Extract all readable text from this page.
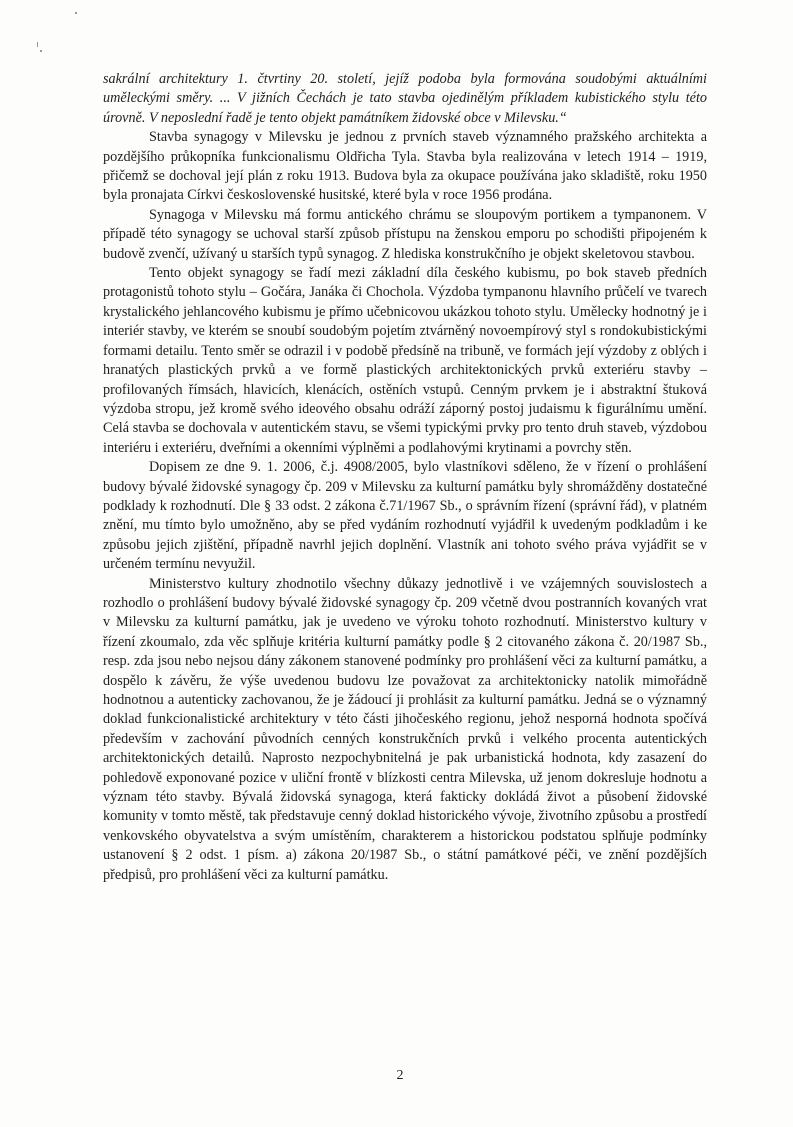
sakrální architektury 1. čtvrtiny 20. století, jejíž podoba byla formována soudobými aktuálními uměleckými směry. ... V jižních Čechách je tato stavba ojedinělým příkladem kubistického stylu této úrovně. V neposlední řadě je tento objekt památníkem židovské obce v Milevsku.“

Stavba synagogy v Milevsku je jednou z prvních staveb významného pražského architekta a pozdějšího průkopníka funkcionalismu Oldřicha Tyla. Stavba byla realizována v letech 1914 – 1919, přičemž se dochoval její plán z roku 1913. Budova byla za okupace používána jako skladiště, roku 1950 byla pronajata Církvi československé husitské, které byla v roce 1956 prodána.

Synagoga v Milevsku má formu antického chrámu se sloupovým portikem a tympanonem. V případě této synagogy se uchoval starší způsob přístupu na ženskou emporu po schodišti připojeném k budově zvenčí, užívaný u starších typů synagog. Z hlediska konstrukčního je objekt skeletovou stavbou.

Tento objekt synagogy se řadí mezi základní díla českého kubismu, po bok staveb předních protagonistů tohoto stylu – Gočára, Janáka či Chochola. Výzdoba tympanonu hlavního průčelí ve tvarech krystalického jehlancového kubismu je přímo učebnicovou ukázkou tohoto stylu. Umělecky hodnotný je i interiér stavby, ve kterém se snoubí soudobým pojetím ztvárněný novoempírový styl s rondokubistickými formami detailu. Tento směr se odrazil i v podobě předsíně na tribuně, ve formách její výzdoby z oblých i hranatých plastických prvků a ve formě plastických architektonických prvků exteriéru stavby – profilovaných římsách, hlavicích, klenácích, ostěních vstupů. Cenným prvkem je i abstraktní štuková výzdoba stropu, jež kromě svého ideového obsahu odráží záporný postoj judaismu k figurálnímu umění. Celá stavba se dochovala v autentickém stavu, se všemi typickými prvky pro tento druh staveb, výzdobou interiéru i exteriéru, dveřními a okenními výplněmi a podlahovými krytinami a povrchy stěn.

Dopisem ze dne 9. 1. 2006, č.j. 4908/2005, bylo vlastníkovi sděleno, že v řízení o prohlášení budovy bývalé židovské synagogy čp. 209 v Milevsku za kulturní památku byly shromážděny dostatečné podklady k rozhodnutí. Dle § 33 odst. 2 zákona č.71/1967 Sb., o správním řízení (správní řád), v platném znění, mu tímto bylo umožněno, aby se před vydáním rozhodnutí vyjádřil k uvedeným podkladům i ke způsobu jejich zjištění, případně navrhl jejich doplnění. Vlastník ani tohoto svého práva vyjádřit se v určeném termínu nevyužil.

Ministerstvo kultury zhodnotilo všechny důkazy jednotlivě i ve vzájemných souvislostech a rozhodlo o prohlášení budovy bývalé židovské synagogy čp. 209 včetně dvou postranních kovaných vrat v Milevsku za kulturní památku, jak je uvedeno ve výroku tohoto rozhodnutí. Ministerstvo kultury v řízení zkoumalo, zda věc splňuje kritéria kulturní památky podle § 2 citovaného zákona č. 20/1987 Sb., resp. zda jsou nebo nejsou dány zákonem stanovené podmínky pro prohlášení věci za kulturní památku, a dospělo k závěru, že výše uvedenou budovu lze považovat za architektonicky natolik mimořádně hodnotnou a autenticky zachovanou, že je žádoucí ji prohlásit za kulturní památku. Jedná se o významný doklad funkcionalistické architektury v této části jihočeského regionu, jehož nesporná hodnota spočívá především v zachování původních cenných konstrukčních prvků i velkého procenta autentických architektonických detailů. Naprosto nezpochybnitelná je pak urbanistická hodnota, kdy zasazení do pohledově exponované pozice v uliční frontě v blízkosti centra Milevska, už jenom dokresluje hodnotu a význam této stavby. Bývalá židovská synagoga, která fakticky dokládá život a působení židovské komunity v tomto městě, tak představuje cenný doklad historického vývoje, životního způsobu a prostředí venkovského obyvatelstva a svým umístěním, charakterem a historickou podstatou splňuje podmínky ustanovení § 2 odst. 1 písm. a) zákona 20/1987 Sb., o státní památkové péči, ve znění pozdějších předpisů, pro prohlášení věci za kulturní památku.

2
